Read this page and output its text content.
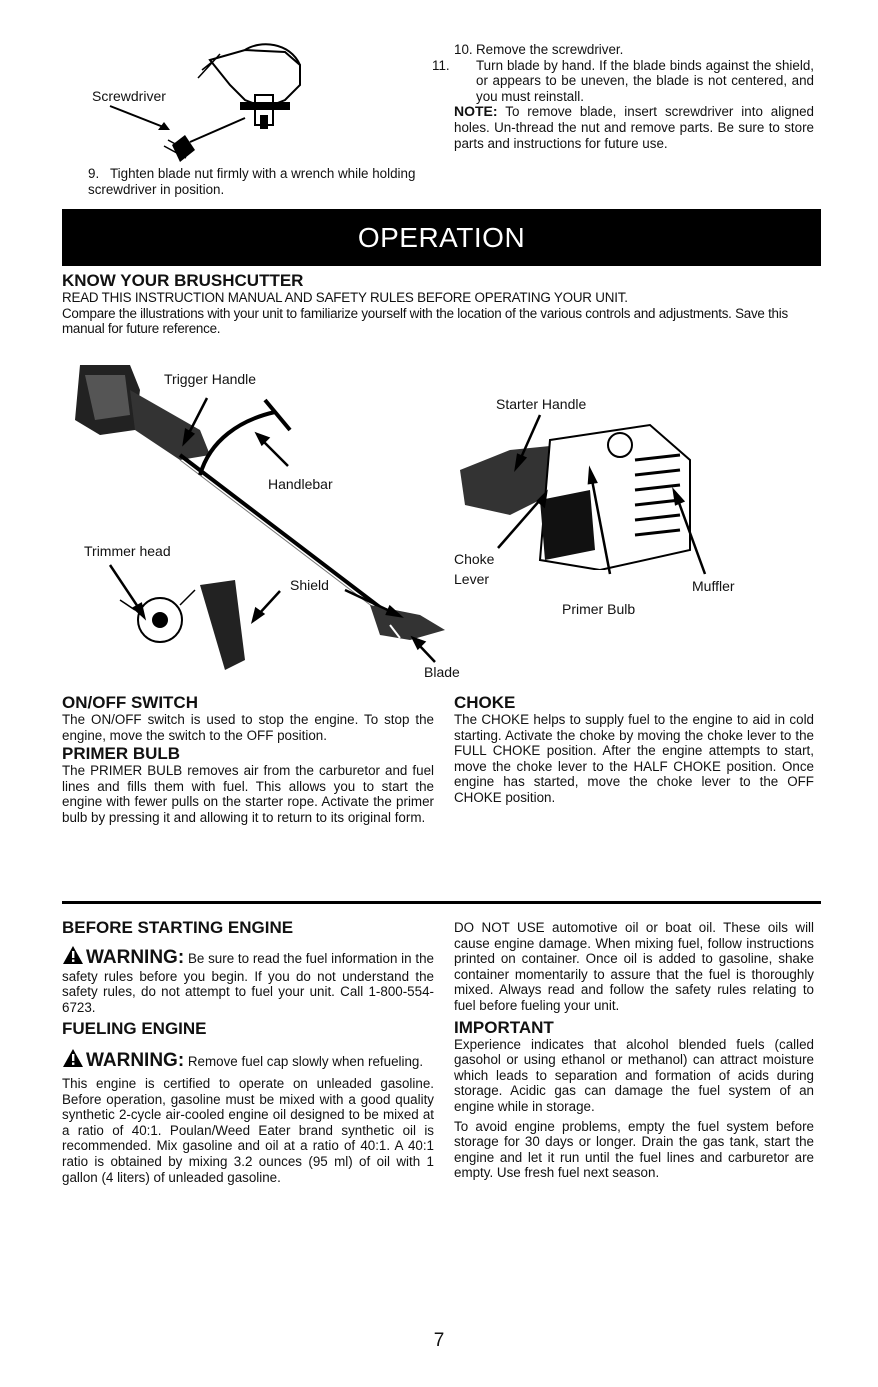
Screwdriver
9. Tighten blade nut firmly with a wrench while holding screwdriver in position.

10. Remove the screwdriver.

11. Turn blade by hand. If the blade binds against the shield, or appears to be uneven, the blade is not centered, and you must reinstall.

NOTE: To remove blade, insert screwdriver into aligned holes. Un-thread the nut and remove parts. Be sure to store parts and instructions for future use.

OPERATION

KNOW YOUR BRUSHCUTTER

READ THIS INSTRUCTION MANUAL AND SAFETY RULES BEFORE OPERATING YOUR UNIT.

Compare the illustrations with your unit to familiarize yourself with the location of the various controls and adjustments. Save this manual for future reference.

Trigger Handle
Handlebar
Trimmer head
Shield
Blade
Starter Handle
Choke
Lever	Muffler
Primer Bulb

ON/OFF SWITCH

The ON/OFF switch is used to stop the engine. To stop the engine, move the switch to the OFF position.

PRIMER BULB

The PRIMER BULB removes air from the carburetor and fuel lines and fills them with fuel. This allows you to start the engine with fewer pulls on the starter rope. Activate the primer bulb by pressing it and allowing it to return to its original form.

CHOKE

The CHOKE helps to supply fuel to the engine to aid in cold starting. Activate the choke by moving the choke lever to the FULL CHOKE position. After the engine attempts to start, move the choke lever to the HALF CHOKE position. Once engine has started, move the choke lever to the OFF CHOKE position.

BEFORE STARTING ENGINE

WARNING: Be sure to read the fuel information in the safety rules before you begin. If you do not understand the safety rules, do not attempt to fuel your unit. Call 1-800-554-6723.

FUELING ENGINE

WARNING: Remove fuel cap slowly when refueling.

This engine is certified to operate on unleaded gasoline. Before operation, gasoline must be mixed with a good quality synthetic 2-cycle air-cooled engine oil designed to be mixed at a ratio of 40:1. Poulan/Weed Eater brand synthetic oil is recommended. Mix gasoline and oil at a ratio of 40:1. A 40:1 ratio is obtained by mixing 3.2 ounces (95 ml) of oil with 1 gallon (4 liters) of unleaded gasoline.

DO NOT USE automotive oil or boat oil. These oils will cause engine damage. When mixing fuel, follow instructions printed on container. Once oil is added to gasoline, shake container momentarily to assure that the fuel is thoroughly mixed. Always read and follow the safety rules relating to fuel before fueling your unit.

IMPORTANT

Experience indicates that alcohol blended fuels (called gasohol or using ethanol or methanol) can attract moisture which leads to separation and formation of acids during storage. Acidic gas can damage the fuel system of an engine while in storage.

To avoid engine problems, empty the fuel system before storage for 30 days or longer. Drain the gas tank, start the engine and let it run until the fuel lines and carburetor are empty. Use fresh fuel next season.

7
